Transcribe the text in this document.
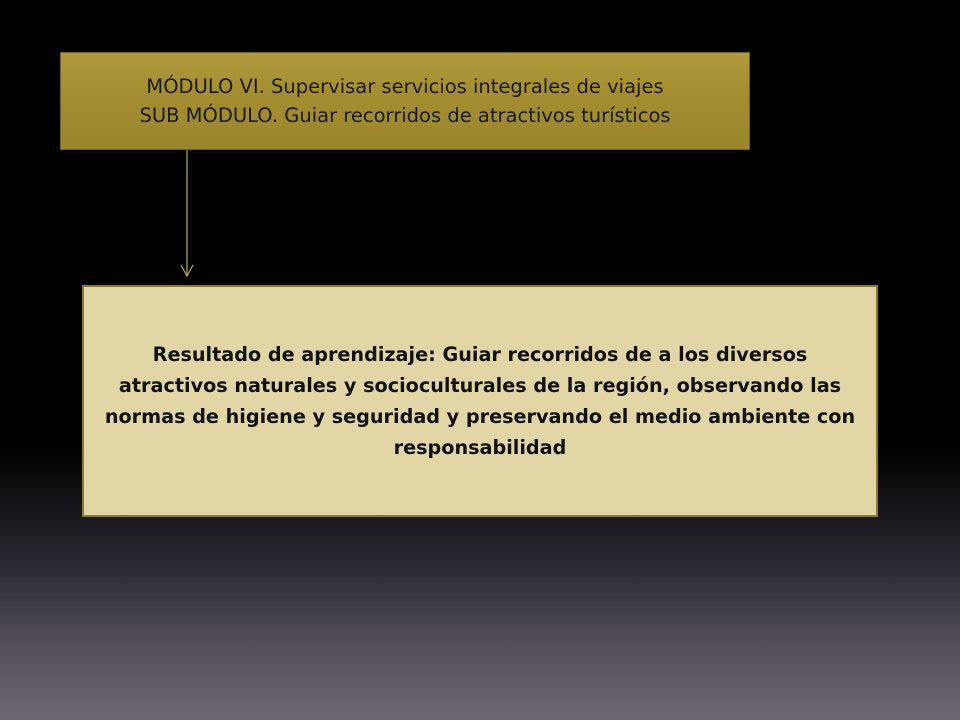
MÓDULO VI. Supervisar servicios integrales de viajes
SUB MÓDULO. Guiar recorridos de atractivos turísticos

Resultado de aprendizaje: Guiar recorridos de a los diversos atractivos naturales y socioculturales de la región, observando las normas de higiene y seguridad y preservando el medio ambiente con responsabilidad
